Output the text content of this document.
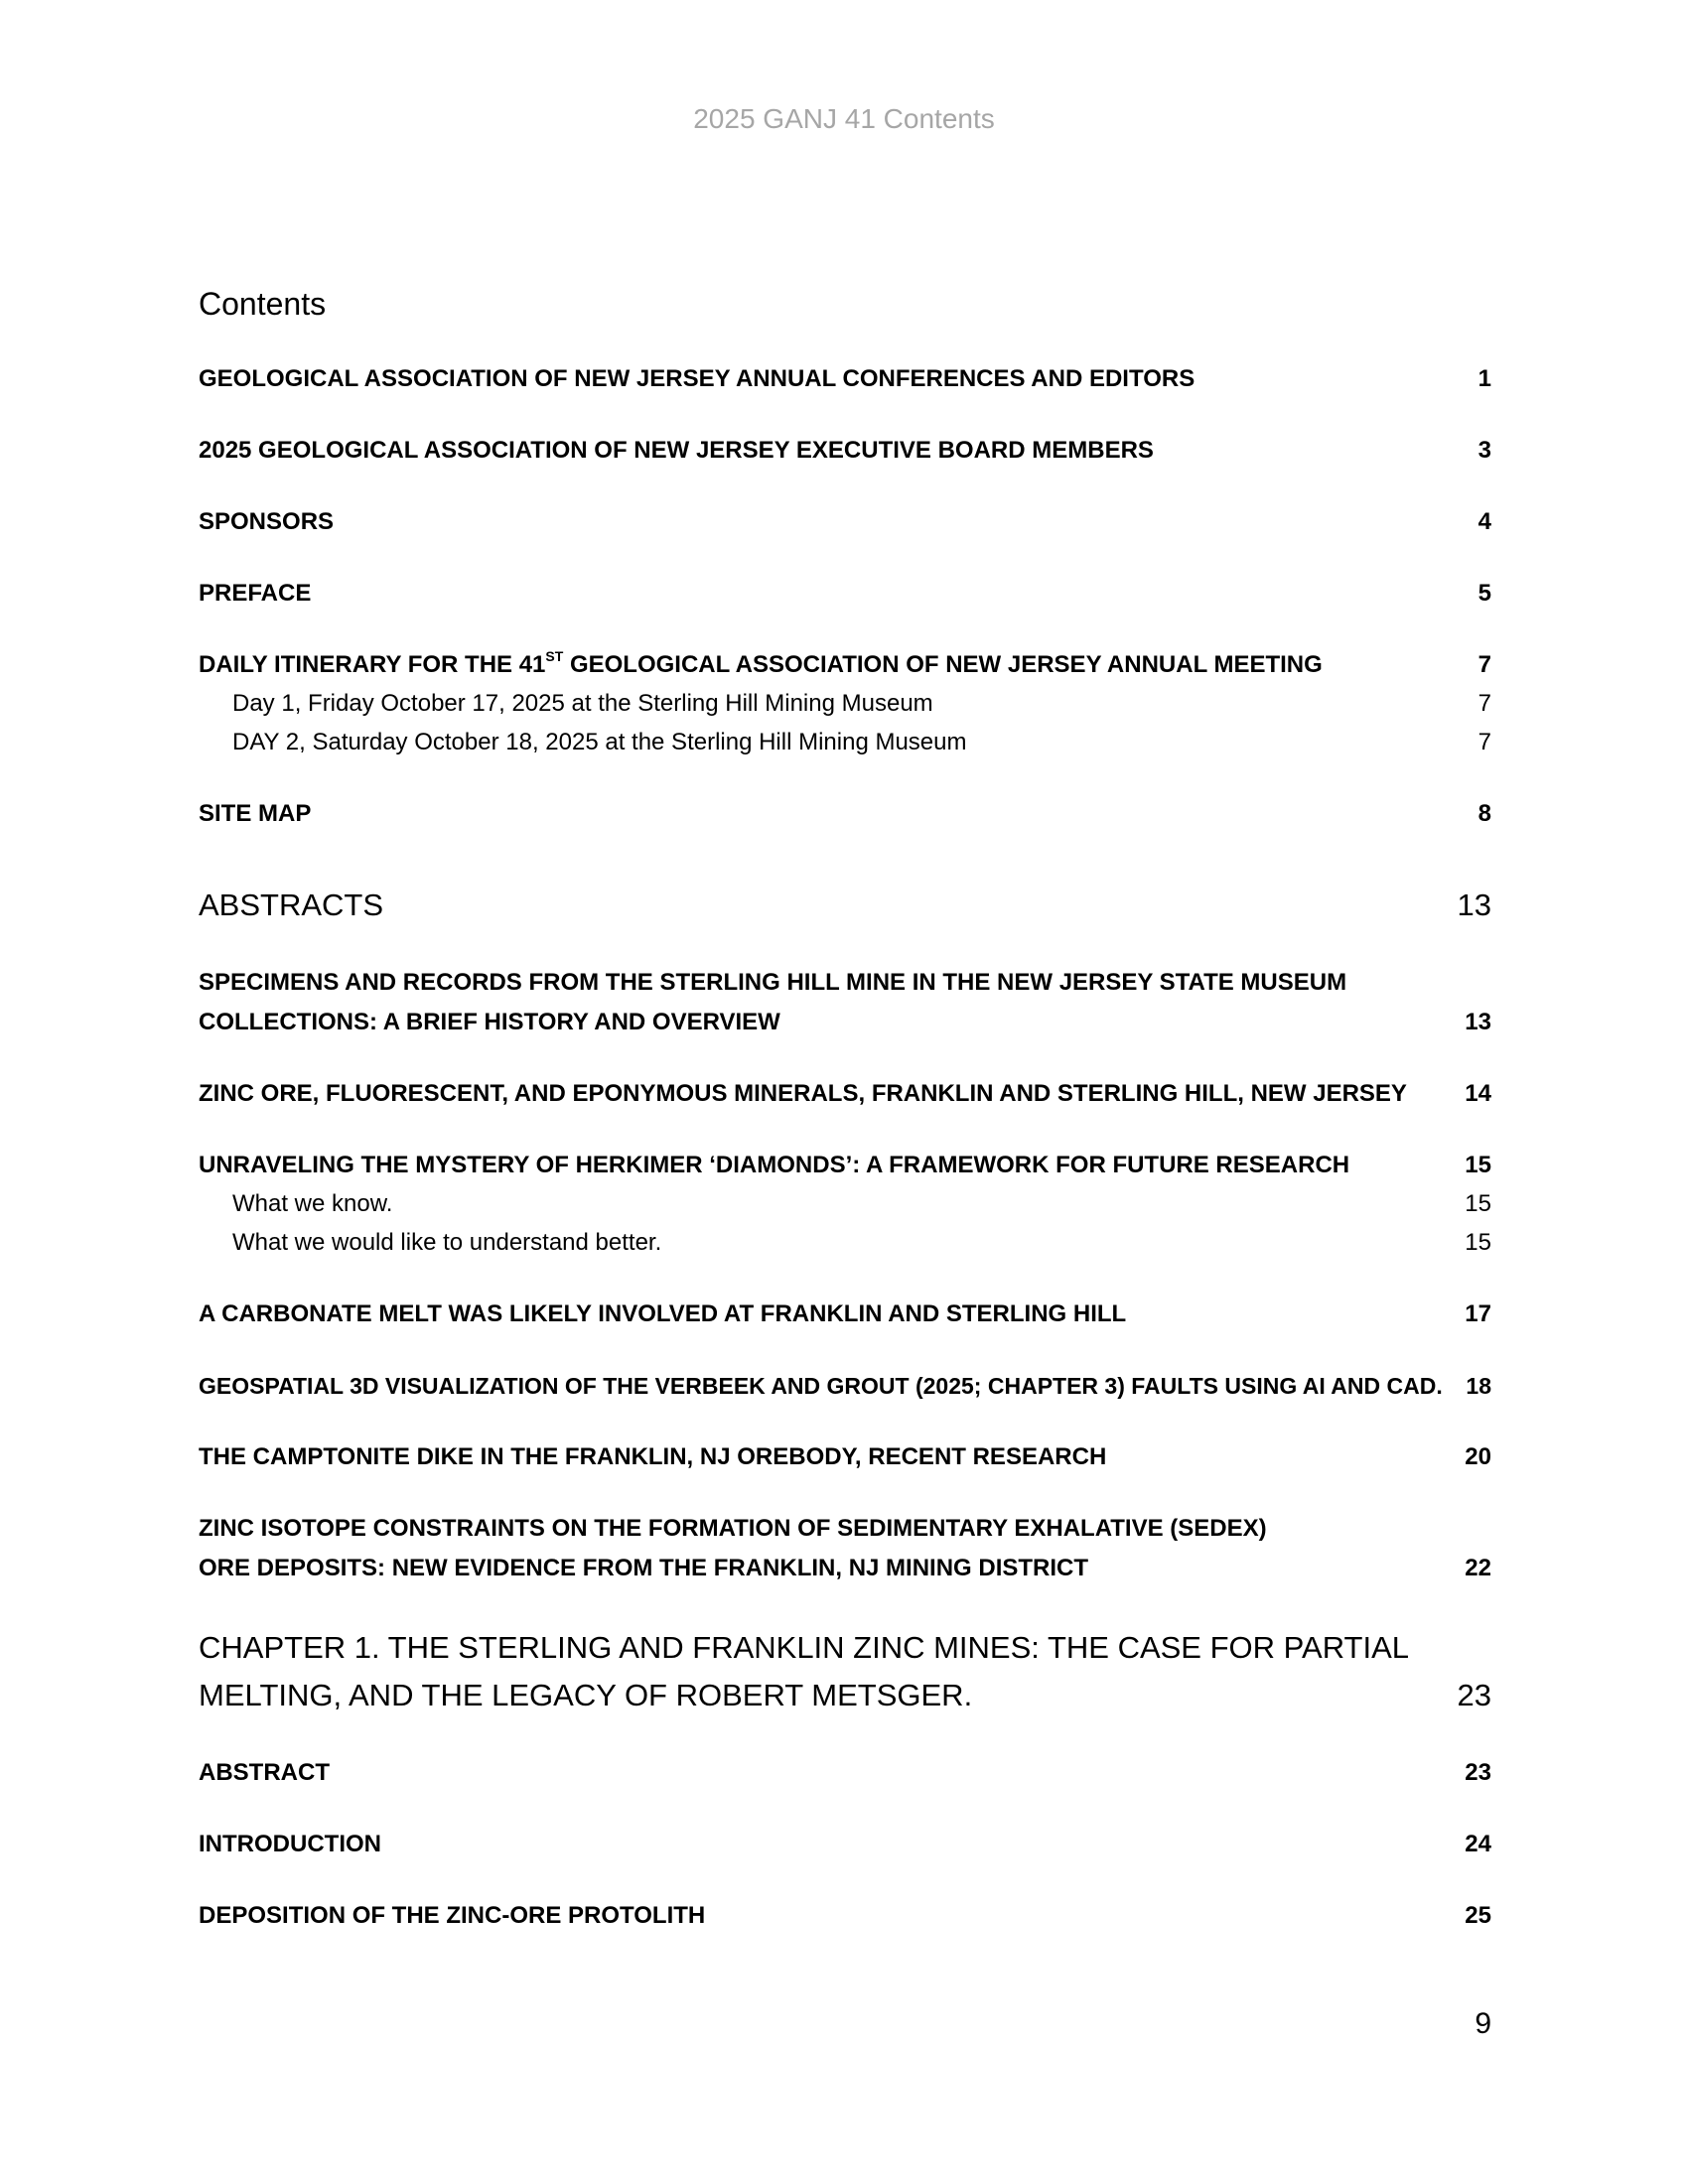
2025 GANJ 41 Contents
Contents
GEOLOGICAL ASSOCIATION OF NEW JERSEY ANNUAL CONFERENCES AND EDITORS	1
2025 GEOLOGICAL ASSOCIATION OF NEW JERSEY EXECUTIVE BOARD MEMBERS	3
SPONSORS	4
PREFACE	5
DAILY ITINERARY FOR THE 41ST GEOLOGICAL ASSOCIATION OF NEW JERSEY ANNUAL MEETING	7
Day 1, Friday October 17, 2025 at the Sterling Hill Mining Museum	7
DAY 2, Saturday October 18, 2025 at the Sterling Hill Mining Museum	7
SITE MAP	8
ABSTRACTS	13
SPECIMENS AND RECORDS FROM THE STERLING HILL MINE IN THE NEW JERSEY STATE MUSEUM
COLLECTIONS: A BRIEF HISTORY AND OVERVIEW	13
ZINC ORE, FLUORESCENT, AND EPONYMOUS MINERALS, FRANKLIN AND STERLING HILL, NEW JERSEY	14
UNRAVELING THE MYSTERY OF HERKIMER ‘DIAMONDS’: A FRAMEWORK FOR FUTURE RESEARCH	15
What we know.	15
What we would like to understand better.	15
A CARBONATE MELT WAS LIKELY INVOLVED AT FRANKLIN AND STERLING HILL	17
GEOSPATIAL 3D VISUALIZATION OF THE VERBEEK AND GROUT (2025; CHAPTER 3) FAULTS USING AI AND CAD.	18
THE CAMPTONITE DIKE IN THE FRANKLIN, NJ OREBODY, RECENT RESEARCH	20
ZINC ISOTOPE CONSTRAINTS ON THE FORMATION OF SEDIMENTARY EXHALATIVE (SEDEX)
ORE DEPOSITS: NEW EVIDENCE FROM THE FRANKLIN, NJ MINING DISTRICT	22
CHAPTER 1. THE STERLING AND FRANKLIN ZINC MINES: THE CASE FOR PARTIAL
MELTING, AND THE LEGACY OF ROBERT METSGER.	23
ABSTRACT	23
INTRODUCTION	24
DEPOSITION OF THE ZINC-ORE PROTOLITH	25
9
